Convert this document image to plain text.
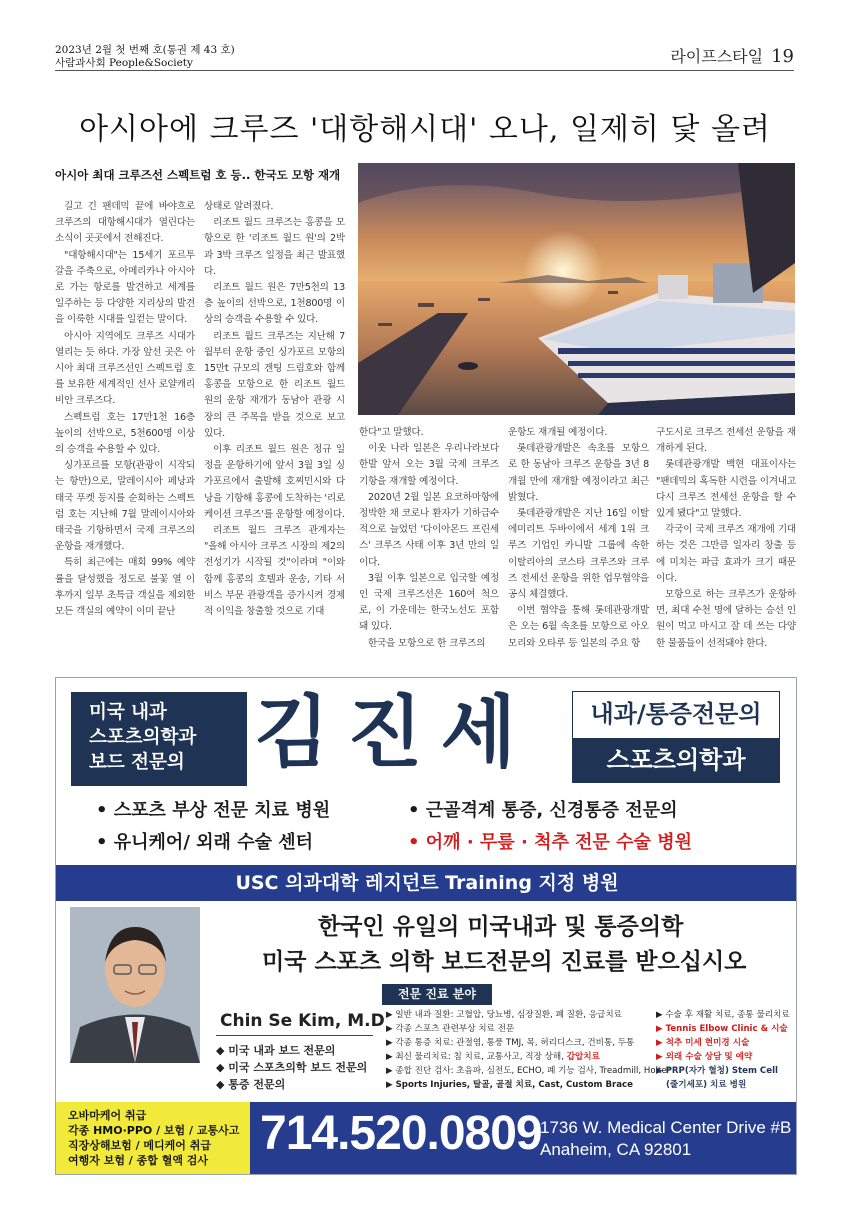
2023년 2월 첫 번째 호(통권 제 43 호)
사람과사회 People&Society	라이프스타일 19
아시아에 크루즈 '대항해시대' 오나, 일제히 닻 올려
아시아 최대 크루즈선 스펙트럼 호 등.. 한국도 모항 재개

길고 긴 팬데믹 끝에 바야흐로 크루즈의 대항해시대가 열린다는 소식이 곳곳에서 전해진다.

"대항해시대"는 15세기 포르투갈을 주축으로, 아메리카나 아시아로 가는 항로를 발견하고 세계를 일주하는 등 다양한 지리상의 발견을 이룩한 시대를 일컫는 말이다.

아시아 지역에도 크루즈 시대가 열리는 듯 하다. 가장 앞선 곳은 아시아 최대 크루즈선인 스펙트럼 호를 보유한 세계적인 선사 로얄캐리비안 크루즈다.

스펙트럼 호는 17만1천 16층 높이의 선박으로, 5천600명 이상의 승객을 수용할 수 있다.

싱가포르를 모항(관광이 시작되는 항만)으로, 말레이시아 페낭과 태국 푸켓 등지를 순회하는 스펙트럼 호는 지난해 7월 말레이시아와 태국을 기항하면서 국제 크루즈의 운항을 재개했다.

특히 최근에는 매회 99% 예약률을 달성했을 정도로 불꽃 열 이후까지 일부 초특급 객실을 제외한 모든 객실의 예약이 이미 끝난

상태로 알려졌다.

리조트 월드 크루즈는 홍콩을 모항으로 한 '리조트 월드 원'의 2박과 3박 크루즈 일정을 최근 발표했다.

리조트 월드 원은 7만5천의 13층 높이의 선박으로, 1천800명 이상의 승객을 수용할 수 있다.

리조트 월드 크루즈는 지난해 7월부터 운항 중인 싱가포르 모항의 15만t 규모의 겐팅 드림호와 함께 홍콩을 모항으로 한 리조트 월드 원의 운항 재개가 동남아 관광 시장의 큰 주목을 받을 것으로 보고 있다.

이후 리조트 월드 원은 정규 일정을 운항하기에 앞서 3월 3일 싱가포르에서 출발해 호찌민시와 다낭을 기항해 홍콩에 도착하는 '리로케이션 크루즈'를 운항할 예정이다.

리조트 월드 크루즈 관계자는 "올해 아시아 크루즈 시장의 제2의 전성기가 시작될 것"이라며 "이와 함께 홍콩의 호텔과 운송, 기타 서비스 부문 관광객을 증가시켜 경제적 이익을 창출할 것으로 기대

한다"고 말했다.

이웃 나라 일본은 우리나라보다 한발 앞서 오는 3월 국제 크루즈 기항을 재개할 예정이다.

2020년 2월 일본 요코하마항에 정박한 채 코로나 환자가 기하급수적으로 늘었던 '다이아몬드 프린세스' 크루즈 사태 이후 3년 만의 일이다.

3월 이후 일본으로 입국할 예정인 국제 크루즈선은 160여 척으로, 이 가운데는 한국노선도 포함돼 있다.

한국을 모항으로 한 크루즈의

운항도 재개될 예정이다.

롯데관광개발은 속초를 모항으로 한 동남아 크루즈 운항을 3년 8개월 만에 재개할 예정이라고 최근 밝혔다.

롯데관광개발은 지난 16일 이탈에미리트 두바이에서 세계 1위 크루즈 기업인 카니발 그룹에 속한 이탈리아의 코스타 크루즈와 크루즈 전세선 운항을 위한 업무협약을 공식 체결했다.

이번 협약을 통해 롯데관광개발은 오는 6월 속초를 모항으로 아오모리와 오타루 등 일본의 주요 항

구도시로 크루즈 전세선 운항을 재개하게 된다.

롯데관광개발 백현 대표이사는 "팬데믹의 혹독한 시련을 이겨내고 다시 크루즈 전세선 운항을 할 수 있게 됐다"고 말했다.

각국이 국제 크루즈 재개에 기대하는 것은 그만큼 일자리 창출 등에 미치는 파급 효과가 크기 때문이다.

모항으로 하는 크루즈가 운항하면, 최대 수천 명에 달하는 승선 인원이 먹고 마시고 잘 데 쓰는 다양한 물품들이 선적돼야 한다.

미국 내과
스포츠의학과
보드 전문의 김진세	내과/통증전문의
스포츠의학과
• 스포츠 부상 전문 치료 병원
• 유니케어/ 외래 수술 센터
• 근골격계 통증, 신경통증 전문의
• 어깨 · 무릎 · 척추 전문 수술 병원
USC 의과대학 레지던트 Training 지정 병원
한국인 유일의 미국내과 및 통증의학
미국 스포츠 의학 보드전문의 진료를 받으십시오
Chin Se Kim, M.D
◆ 미국 내과 보드 전문의
◆ 미국 스포츠의학 보드 전문의
◆ 통증 전문의
전문 진료 분야
▶ 일반 내과 질환: 고혈압, 당뇨병, 심장질환, 폐 질환, 응급치료
▶ 각종 스포츠 관련부상 치료 전문
▶ 각종 통증 치료: 관절염, 통풍 TMJ, 목, 허리디스크, 건비통, 두통
▶ 최신 물리치료: 침 치료, 교통사고, 직장 상해, 갑압치료
▶ 종합 진단 검사: 초음파, 심전도, ECHO, 폐 기능 검사, Treadmill, Holter
▶ Sports Injuries, 탈골, 골절 치료, Cast, Custom Brace
▶ 수술 후 재활 치료, 종통 물리치료
▶ Tennis Elbow Clinic & 시술
▶ 척추 미세 현미경 시술
▶ 외래 수술 상담 및 예약
▶ PRP(자가 혈청) Stem Cell
(줄기세포) 치료 병원
오바마케어 취급
각종 HMO·PPO / 보험 / 교통사고
직장상해보험 / 메디케어 취급
여행자 보험 / 종합 혈액 검사
714.520.0809
1736 W. Medical Center Drive #B
Anaheim, CA 92801
